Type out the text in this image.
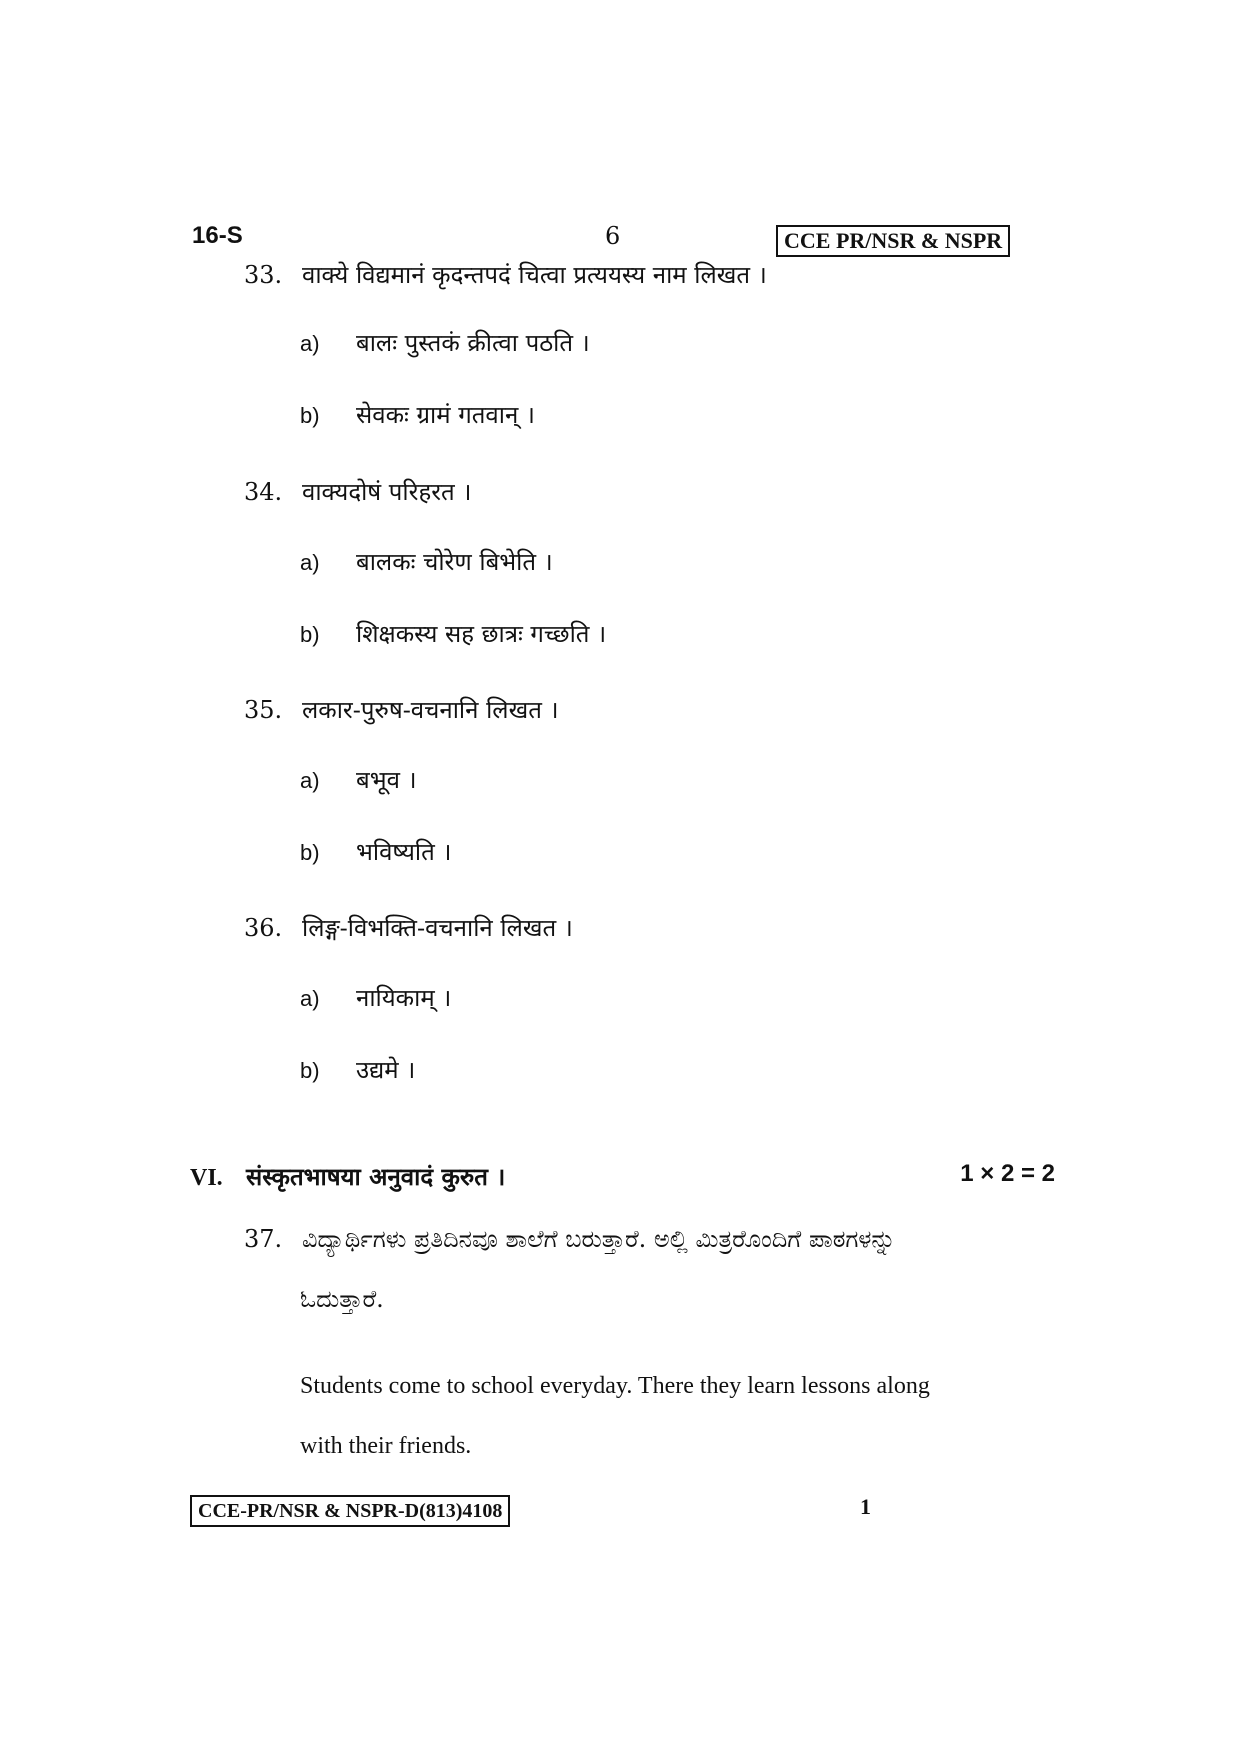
16-S	6	CCE PR/NSR & NSPR
33. वाक्ये विद्यमानं कृदन्तपदं चित्वा प्रत्ययस्य नाम लिखत ।
a) बालः पुस्तकं क्रीत्वा पठति ।
b) सेवकः ग्रामं गतवान् ।
34. वाक्यदोषं परिहरत ।
a) बालकः चोरेण बिभेति ।
b) शिक्षकस्य सह छात्रः गच्छति ।
35. लकार-पुरुष-वचनानि लिखत ।
a) बभूव ।
b) भविष्यति ।
36. लिङ्ग-विभक्ति-वचनानि लिखत ।
a) नायिकाम् ।
b) उद्यमे ।
VI. संस्कृतभाषया अनुवादं कुरुत ।	1 × 2 = 2
37. ವಿದ್ಯಾರ್ಥಿಗಳು ಪ್ರತಿದಿನವೂ ಶಾಲೆಗೆ ಬರುತ್ತಾರೆ. ಅಲ್ಲಿ ಮಿತ್ರರೊಂದಿಗೆ ಪಾಠಗಳನ್ನು
ಓದುತ್ತಾರೆ.
Students come to school everyday. There they learn lessons along
with their friends.
CCE-PR/NSR & NSPR-D(813)4108	1
